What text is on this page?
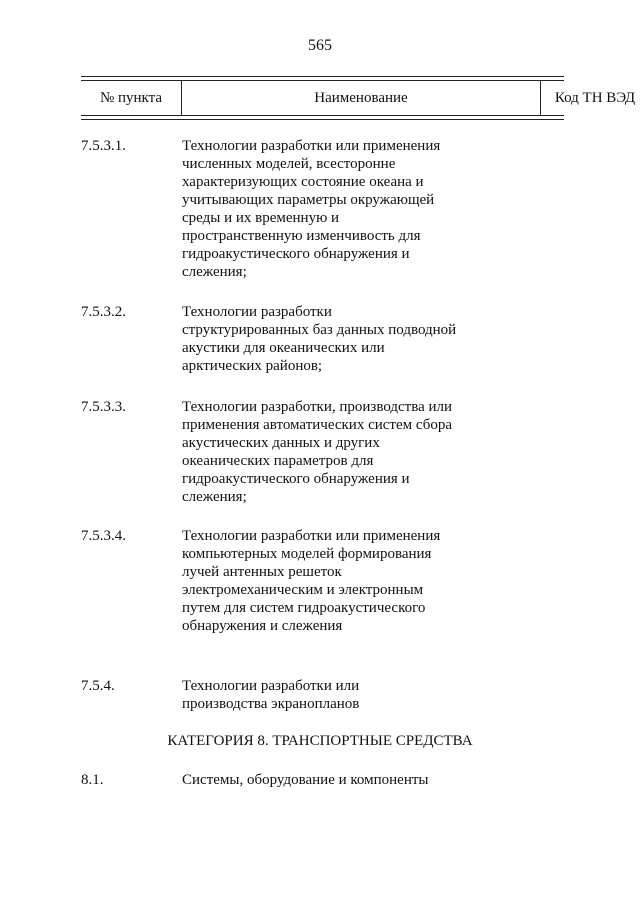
565
№ пункта	Наименование	Код ТН ВЭД
7.5.3.1.	Технологии разработки или применения численных моделей, всесторонне характеризующих состояние океана и учитывающих параметры окружающей среды и их временную и пространственную изменчивость для гидроакустического обнаружения и слежения;
7.5.3.2.	Технологии разработки структурированных баз данных подводной акустики для океанических или арктических районов;
7.5.3.3.	Технологии разработки, производства или применения автоматических систем сбора акустических данных и других океанических параметров для гидроакустического обнаружения и слежения;
7.5.3.4.	Технологии разработки или применения компьютерных моделей формирования лучей антенных решеток электромеханическим и электронным путем для систем гидроакустического обнаружения и слежения
7.5.4.	Технологии разработки или производства экранопланов
КАТЕГОРИЯ 8. ТРАНСПОРТНЫЕ СРЕДСТВА
8.1.	Системы, оборудование и компоненты
